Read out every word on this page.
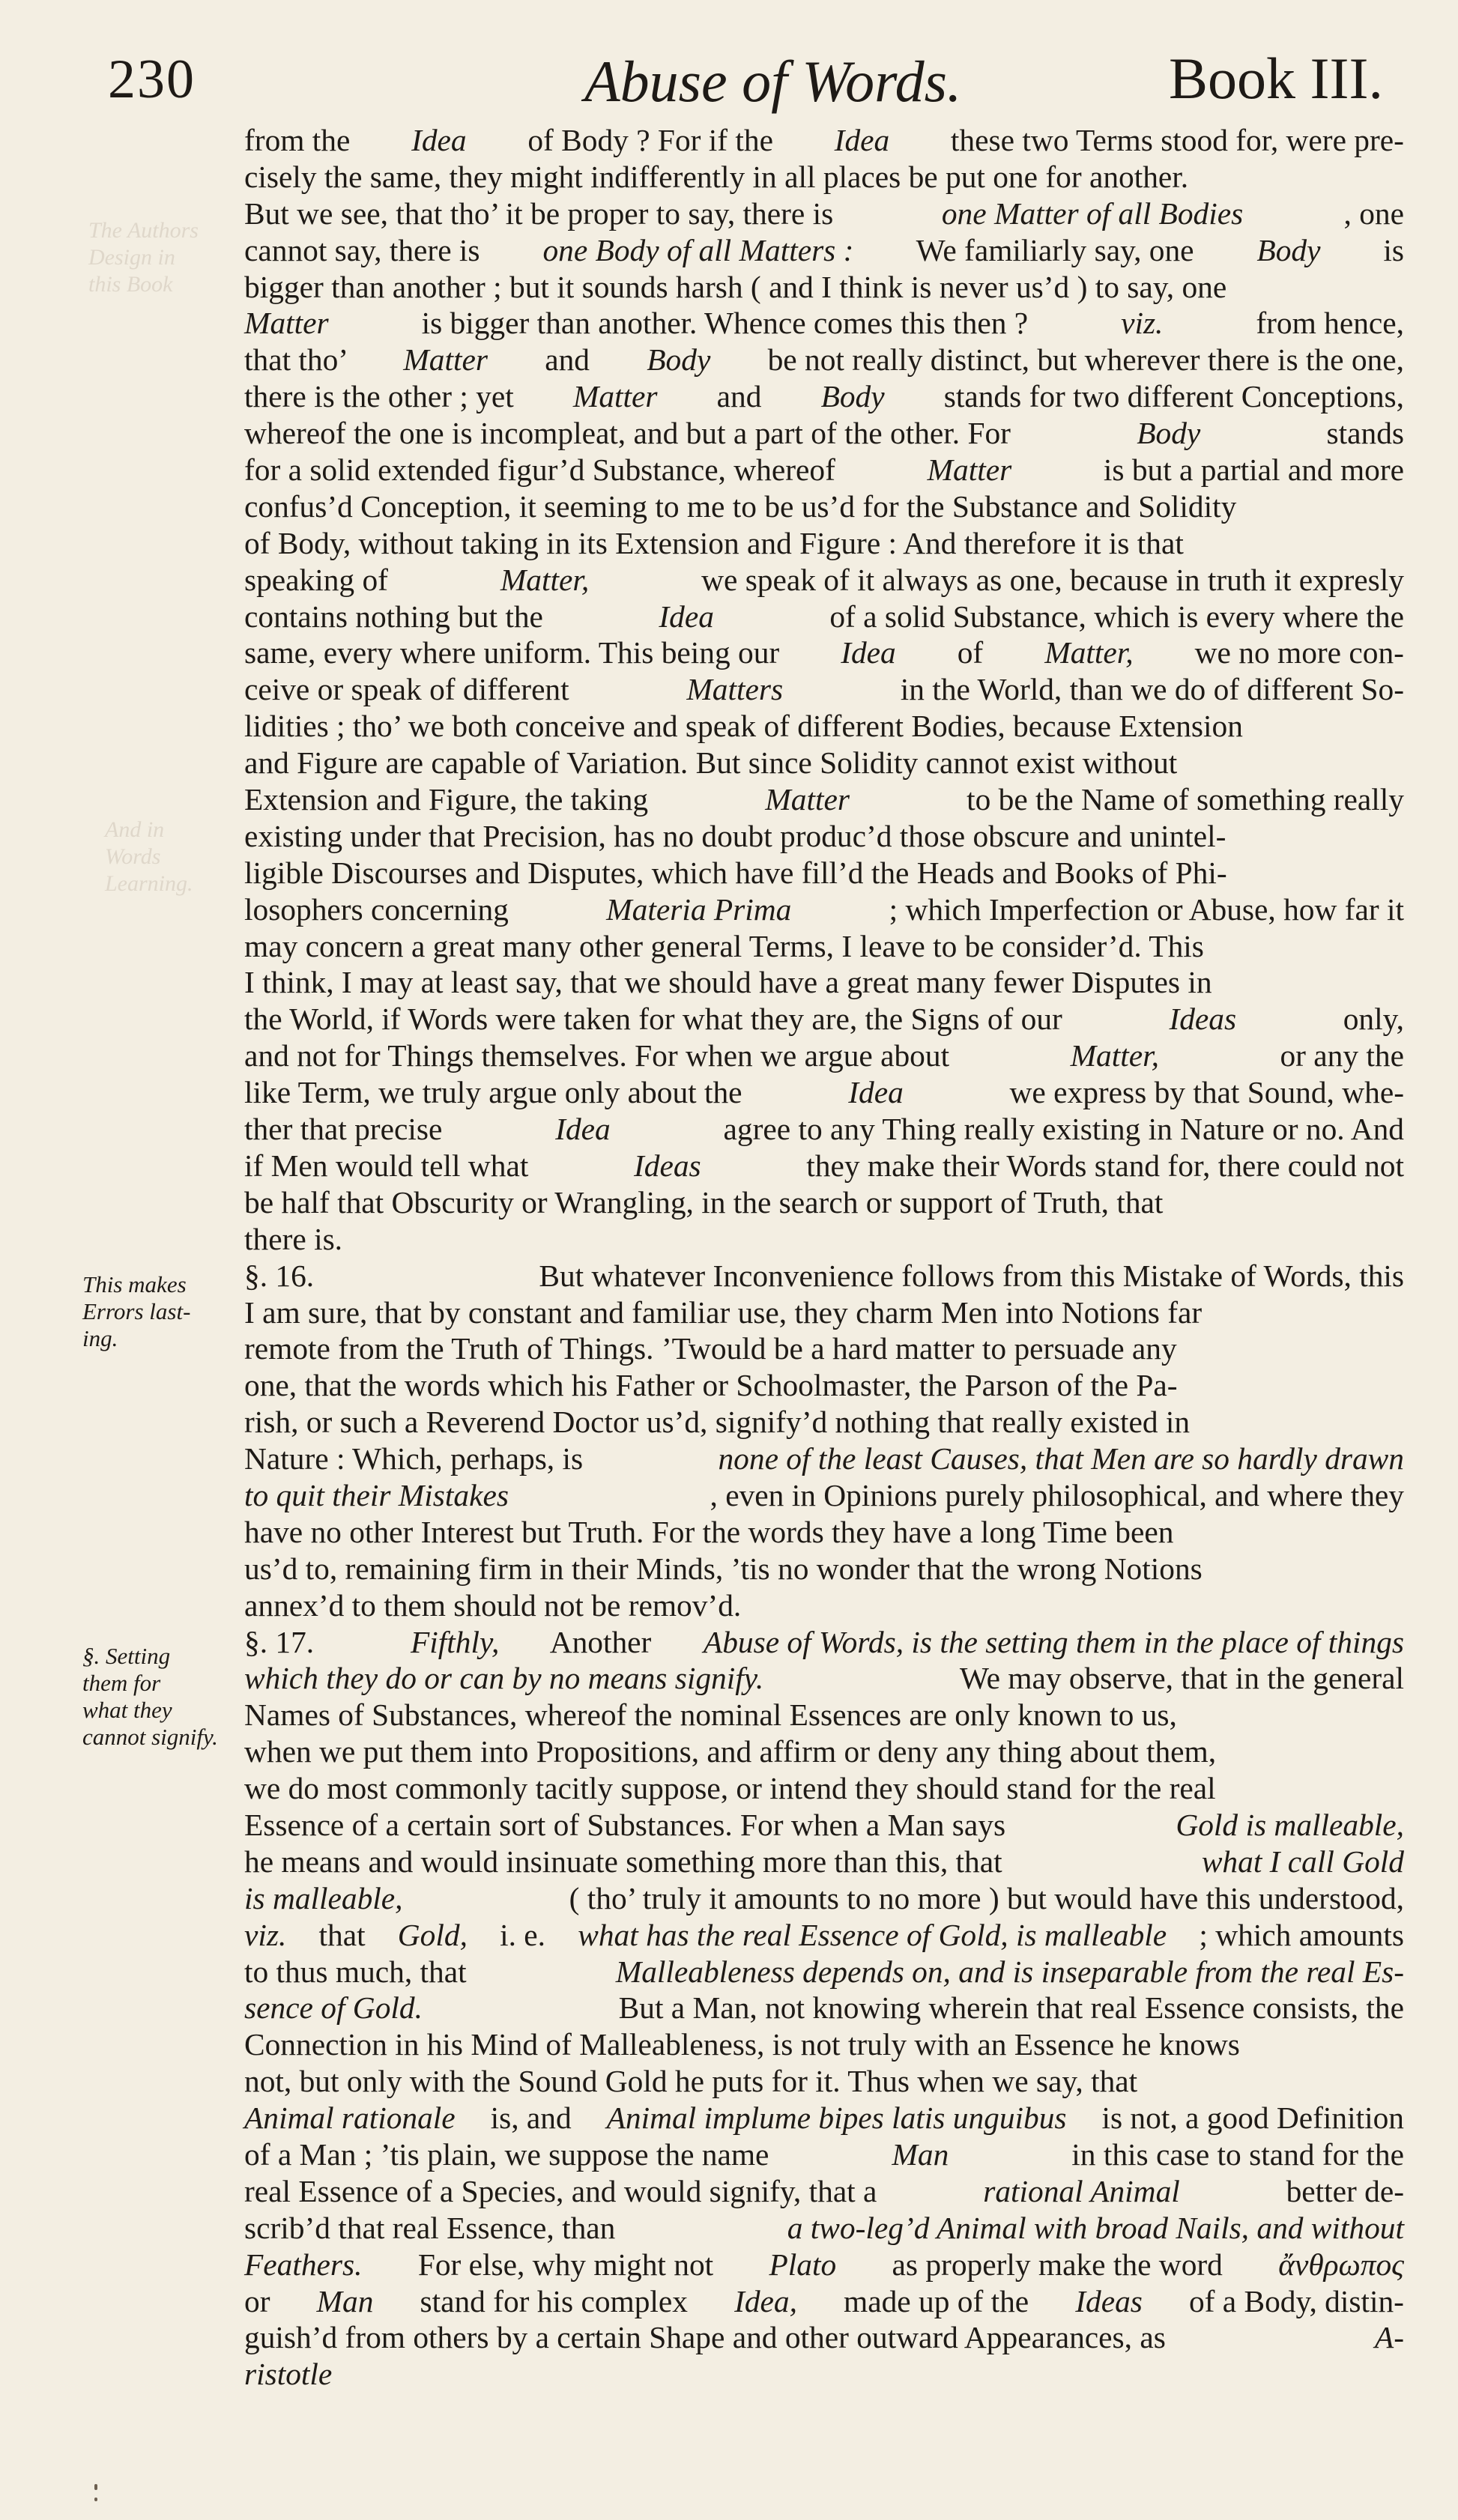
230	Abuse of Words.	Book III.
The Authors
Design in
this Book
And in
Words
Learning.
This makes
Errors last-
ing.
§. Setting
them for
what they
cannot signify.
from the Idea of Body ? For if the Idea these two Terms stood for, were pre-
cisely the same, they might indifferently in all places be put one for another.
But we see, that tho’ it be proper to say, there is	one Matter of all Bodies	, one
cannot say, there is one Body of all Matters : We familiarly say, one Body is
bigger than another ; but it sounds harsh ( and I think is never us’d ) to say, one
Matter	is bigger than another. Whence comes this then ?	viz.	from hence,
that tho’ Matter and Body be not really distinct, but wherever there is the one,
there is the other ; yet Matter and Body stands for two different Conceptions,
whereof the one is incompleat, and but a part of the other. For	Body	stands
for a solid extended figur’d Substance, whereof	Matter	is but a partial and more
confus’d Conception, it seeming to me to be us’d for the Substance and Solidity
of Body, without taking in its Extension and Figure : And therefore it is that
speaking of	Matter,	we speak of it always as one, because in truth it expresly
contains nothing but the	Idea	of a solid Substance, which is every where the
same, every where uniform. This being our Idea of Matter, we no more con-
ceive or speak of different	Matters	in the World, than we do of different So-
lidities ; tho’ we both conceive and speak of different Bodies, because Extension
and Figure are capable of Variation. But since Solidity cannot exist without
Extension and Figure, the taking	Matter	to be the Name of something really
existing under that Precision, has no doubt produc’d those obscure and unintel-
ligible Discourses and Disputes, which have fill’d the Heads and Books of Phi-
losophers concerning	Materia Prima	; which Imperfection or Abuse, how far it
may concern a great many other general Terms, I leave to be consider’d. This
I think, I may at least say, that we should have a great many fewer Disputes in
the World, if Words were taken for what they are, the Signs of our	Ideas	only,
and not for Things themselves. For when we argue about	Matter,	or any the
like Term, we truly argue only about the	Idea	we express by that Sound, whe-
ther that precise	Idea	agree to any Thing really existing in Nature or no. And
if Men would tell what	Ideas	they make their Words stand for, there could not
be half that Obscurity or Wrangling, in the search or support of Truth, that
there is.
§. 16.	But whatever Inconvenience follows from this Mistake of Words, this
I am sure, that by constant and familiar use, they charm Men into Notions far
remote from the Truth of Things. ’Twould be a hard matter to persuade any
one, that the words which his Father or Schoolmaster, the Parson of the Pa-
rish, or such a Reverend Doctor us’d, signify’d nothing that really existed in
Nature : Which, perhaps, is	none of the least Causes, that Men are so hardly drawn
to quit their Mistakes	, even in Opinions purely philosophical, and where they
have no other Interest but Truth. For the words they have a long Time been
us’d to, remaining firm in their Minds, ’tis no wonder that the wrong Notions
annex’d to them should not be remov’d.
§. 17.
	Fifthly, Another Abuse of Words, is the setting them in the place of things
which they do or can by no means signify.	We may observe, that in the general
Names of Substances, whereof the nominal Essences are only known to us,
when we put them into Propositions, and affirm or deny any thing about them,
we do most commonly tacitly suppose, or intend they should stand for the real
Essence of a certain sort of Substances. For when a Man says	Gold is malleable,
he means and would insinuate something more than this, that	what I call Gold
is malleable,	( tho’ truly it amounts to no more ) but would have this understood,
viz. that Gold, i. e. what has the real Essence of Gold, is malleable ; which amounts
to thus much, that	Malleableness depends on, and is inseparable from the real Es-
sence of Gold.	But a Man, not knowing wherein that real Essence consists, the
Connection in his Mind of Malleableness, is not truly with an Essence he knows
not, but only with the Sound Gold he puts for it. Thus when we say, that
Animal rationale is, and Animal implume bipes latis unguibus is not, a good Definition
of a Man ; ’tis plain, we suppose the name	Man	in this case to stand for the
real Essence of a Species, and would signify, that a	rational Animal	better de-
scrib’d that real Essence, than	a two-leg’d Animal with broad Nails, and without
Feathers. For else, why might not Plato as properly make the word ἄνθρωπος
or Man stand for his complex Idea, made up of the Ideas of a Body, distin-
guish’d from others by a certain Shape and other outward Appearances, as	A-
ristotle
